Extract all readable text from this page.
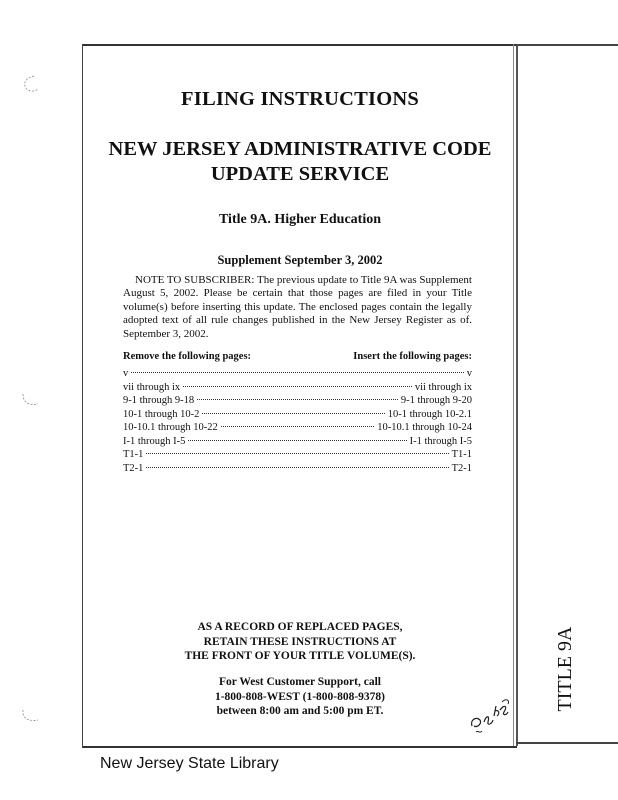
FILING INSTRUCTIONS
NEW JERSEY ADMINISTRATIVE CODE
UPDATE SERVICE
Title 9A. Higher Education
Supplement September 3, 2002
NOTE TO SUBSCRIBER: The previous update to Title 9A was Supplement August 5, 2002. Please be certain that those pages are filed in your Title volume(s) before inserting this update. The enclosed pages contain the legally adopted text of all rule changes published in the New Jersey Register as of. September 3, 2002.
Remove the following pages:	Insert the following pages:
v	v
vii through ix	vii through ix
9-1 through 9-18	9-1 through 9-20
10-1 through 10-2	10-1 through 10-2.1
10-10.1 through 10-22	10-10.1 through 10-24
I-1 through I-5	I-1 through I-5
T1-1	T1-1
T2-1	T2-1
AS A RECORD OF REPLACED PAGES,
RETAIN THESE INSTRUCTIONS AT
THE FRONT OF YOUR TITLE VOLUME(S).
For West Customer Support, call
1-800-808-WEST (1-800-808-9378)
between 8:00 am and 5:00 pm ET.	TITLE 9A
New Jersey State Library
